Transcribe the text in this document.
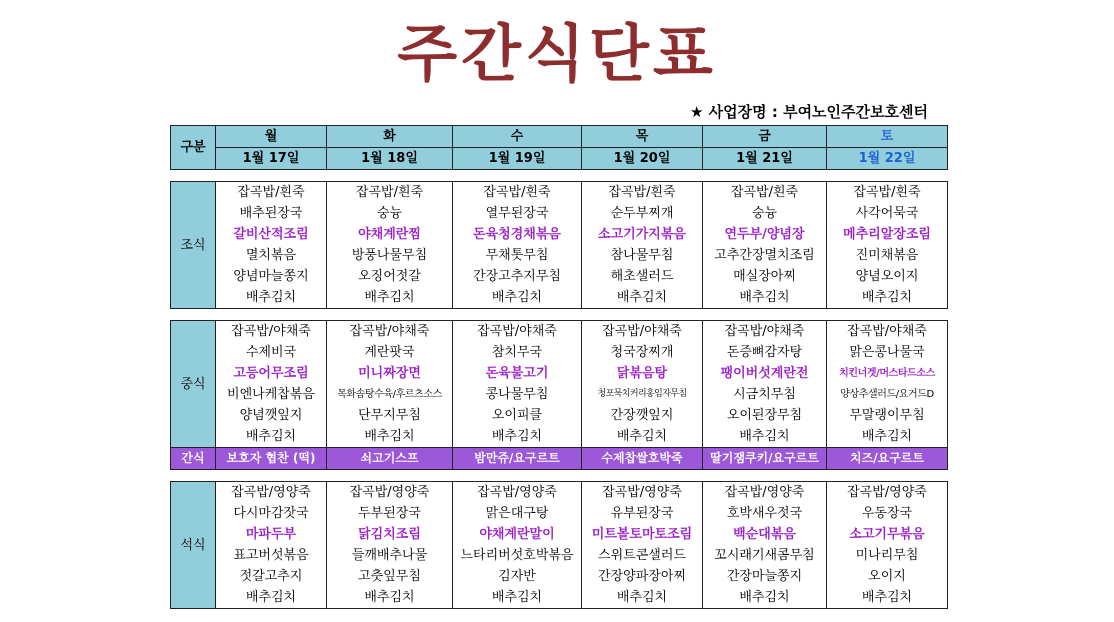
주간식단표
★ 사업장명 : 부여노인주간보호센터
구분	월	화	수	목	금	토
	1월 17일	1월 18일	1월 19일	1월 20일	1월 21일	1월 22일

조식	잡곡밥/흰죽	잡곡밥/흰죽	잡곡밥/흰죽	잡곡밥/흰죽	잡곡밥/흰죽	잡곡밥/흰죽
	배추된장국	숭늉	열무된장국	순두부찌개	숭늉	사각어묵국
	갈비산적조림	야채계란찜	돈육청경채볶음	소고기가지볶음	연두부/양념장	메추리알장조림
	멸치볶음	방풍나물무침	무채톳무침	참나물무침	고추간장멸치조림	진미채볶음
	양념마늘쫑지	오징어젓갈	간장고추지무침	해초샐러드	매실장아찌	양념오이지
	배추김치	배추김치	배추김치	배추김치	배추김치	배추김치

중식	잡곡밥/야채죽	잡곡밥/야채죽	잡곡밥/야채죽	잡곡밥/야채죽	잡곡밥/야채죽	잡곡밥/야채죽
	수제비국	계란팟국	참치무국	청국장찌개	돈증뼈감자탕	맑은콩나물국
	고등어무조림	미니짜장면	돈육불고기	닭볶음탕	팽이버섯계란전	치킨너겟/머스타드소스
	비엔나케찹볶음	목화솜탕수육/후르츠소스	콩나물무침	청포묵치커리홍임자무침	시금치무침	양상추샐러드/요거드D
	양념깻잎지	단무지무침	오이피클	간장깻잎지	오이된장무침	무말랭이무침
	배추김치	배추김치	배추김치	배추김치	배추김치	배추김치
간식	보호자 협찬 (떡)	쇠고기스프	밤만쥬/요구르트	수제찹쌀호박죽	딸기잼쿠키/요구르트	치즈/요구르트

석식	잡곡밥/영양죽	잡곡밥/영양죽	잡곡밥/영양죽	잡곡밥/영양죽	잡곡밥/영양죽	잡곡밥/영양죽
	다시마감잣국	두부된장국	맑은대구탕	유부된장국	호박새우젓국	우동장국
	마파두부	닭김치조림	야채계란말이	미트볼토마토조림	백순대볶음	소고기무볶음
	표고버섯볶음	들깨배추나물	느타리버섯호박볶음	스위트콘샐러드	꼬시래기새콤무침	미나리무침
	젓갈고추지	고춧잎무침	김자반	간장양파장아찌	간장마늘쫑지	오이지
	배추김치	배추김치	배추김치	배추김치	배추김치	배추김치
